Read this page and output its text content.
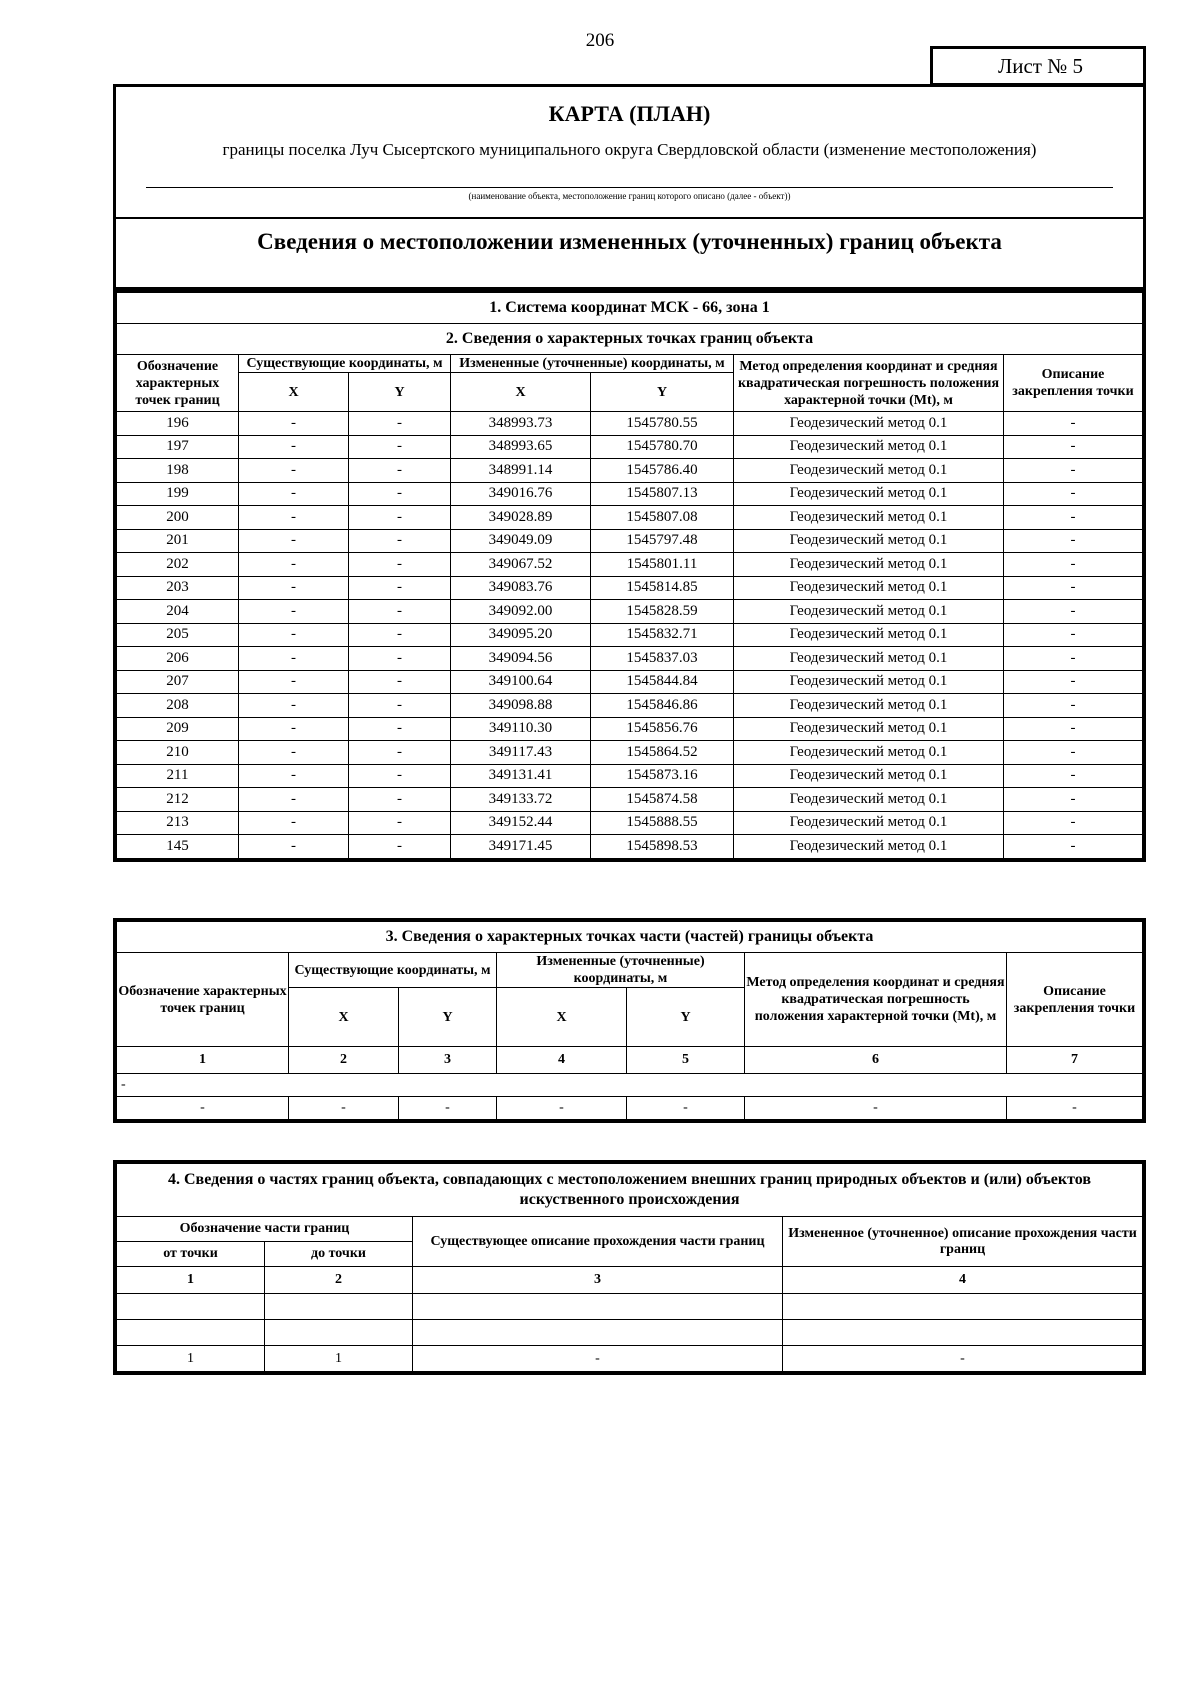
206
Лист № 5
КАРТА (ПЛАН)
границы поселка Луч Сысертского муниципального округа Свердловской области (изменение местоположения)
(наименование объекта, местоположение границ которого описано (далее - объект))
Сведения о местоположении измененных (уточненных) границ объекта
1. Система координат МСК - 66, зона 1						
2. Сведения о характерных точках границ объекта						
Обозначение характерных точек границ	Существующие координаты, м		Измененные (уточненные) координаты, м		Метод определения координат и средняя квадратическая погрешность положения характерной точки (Mt), м	Описание закрепления точки
	X	Y	X	Y		
196	-	-	348993.73	1545780.55	Геодезический метод 0.1	-
197	-	-	348993.65	1545780.70	Геодезический метод 0.1	-
198	-	-	348991.14	1545786.40	Геодезический метод 0.1	-
199	-	-	349016.76	1545807.13	Геодезический метод 0.1	-
200	-	-	349028.89	1545807.08	Геодезический метод 0.1	-
201	-	-	349049.09	1545797.48	Геодезический метод 0.1	-
202	-	-	349067.52	1545801.11	Геодезический метод 0.1	-
203	-	-	349083.76	1545814.85	Геодезический метод 0.1	-
204	-	-	349092.00	1545828.59	Геодезический метод 0.1	-
205	-	-	349095.20	1545832.71	Геодезический метод 0.1	-
206	-	-	349094.56	1545837.03	Геодезический метод 0.1	-
207	-	-	349100.64	1545844.84	Геодезический метод 0.1	-
208	-	-	349098.88	1545846.86	Геодезический метод 0.1	-
209	-	-	349110.30	1545856.76	Геодезический метод 0.1	-
210	-	-	349117.43	1545864.52	Геодезический метод 0.1	-
211	-	-	349131.41	1545873.16	Геодезический метод 0.1	-
212	-	-	349133.72	1545874.58	Геодезический метод 0.1	-
213	-	-	349152.44	1545888.55	Геодезический метод 0.1	-
145	-	-	349171.45	1545898.53	Геодезический метод 0.1	-
3. Сведения о характерных точках части (частей) границы объекта						
Обозначение характерных точек границ	Существующие координаты, м		Измененные (уточненные) координаты, м		Метод определения координат и средняя квадратическая погрешность положения характерной точки (Mt), м	Описание закрепления точки
	X	Y	X	Y		
1	2	3	4	5	6	7
-						
-	-	-	-	-	-	-
4. Сведения о частях границ объекта, совпадающих с местоположением внешних границ природных объектов и (или) объектов искуственного происхождения			
Обозначение части границ		Существующее описание прохождения части границ	Измененное (уточненное) описание прохождения части границ
от точки	до точки		
1	2	3	4

1	1	-	-
